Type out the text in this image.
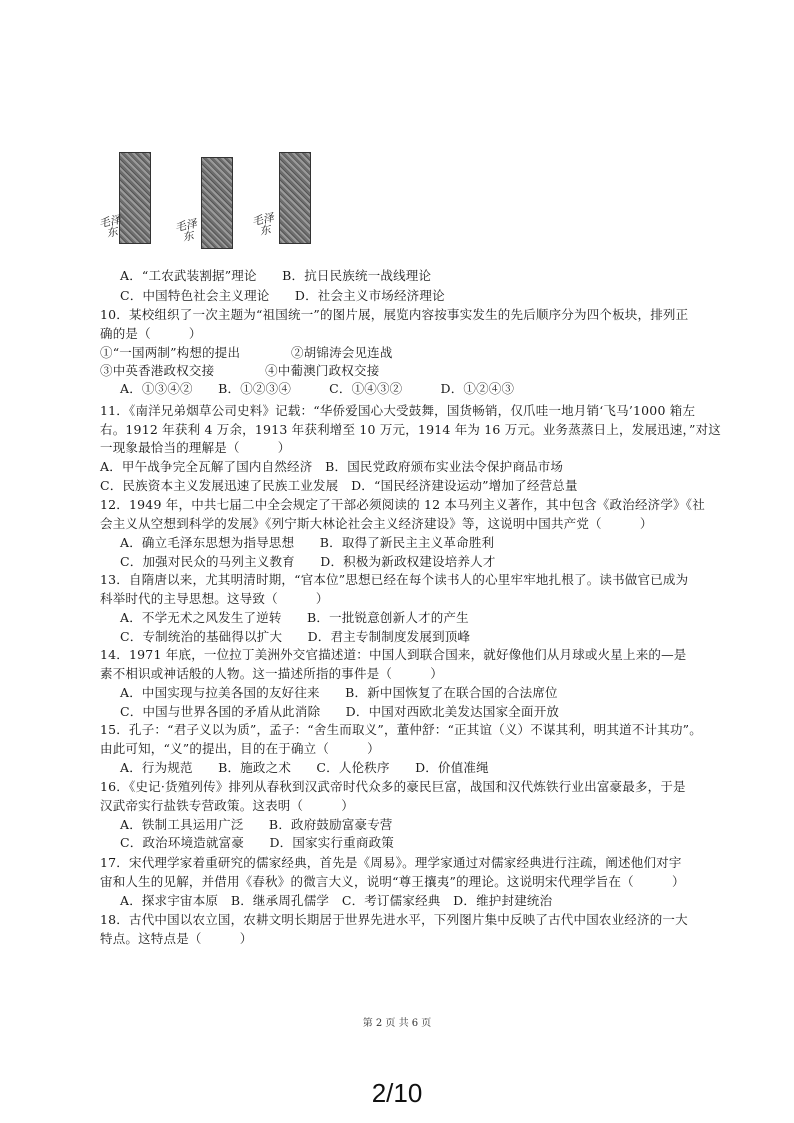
毛泽东	毛泽东
毛泽东
A．“工农武装割据”理论　　B．抗日民族统一战线理论
C．中国特色社会主义理论　　D．社会主义市场经济理论
10．某校组织了一次主题为“祖国统一”的图片展，展览内容按事实发生的先后顺序分为四个板块，排列正
确的是（　　　）
①“一国两制”构想的提出　　　　②胡锦涛会见连战
③中英香港政权交接　　　　④中葡澳门政权交接
A．①③④②　　B．①②③④　　　C．①④③②　　　D．①②④③
11．《南洋兄弟烟草公司史料》记载：“华侨爱国心大受鼓舞，国货畅销，仅爪哇一地月销‘飞马’1000 箱左
右。1912 年获利 4 万余，1913 年获利增至 10 万元，1914 年为 16 万元。业务蒸蒸日上，发展迅速，”对这
一现象最恰当的理解是（　　　）
A．甲午战争完全瓦解了国内自然经济　B．国民党政府颁布实业法令保护商品市场
C．民族资本主义发展迅速了民族工业发展　D．“国民经济建设运动”增加了经营总量
12．1949 年，中共七届二中全会规定了干部必须阅读的 12 本马列主义著作，其中包含《政治经济学》《社
会主义从空想到科学的发展》《列宁斯大林论社会主义经济建设》等，这说明中国共产党（　　　）
A．确立毛泽东思想为指导思想　　B．取得了新民主主义革命胜利
C．加强对民众的马列主义教育　　D．积极为新政权建设培养人才
13．自隋唐以来，尤其明清时期，“官本位”思想已经在每个读书人的心里牢牢地扎根了。读书做官已成为
科举时代的主导思想。这导致（　　　）
A．不学无术之风发生了逆转　　B．一批锐意创新人才的产生
C．专制统治的基础得以扩大　　D．君主专制制度发展到顶峰
14．1971 年底，一位拉丁美洲外交官描述道：中国人到联合国来，就好像他们从月球或火星上来的—是
素不相识或神话般的人物。这一描述所指的事件是（　　　）
A．中国实现与拉美各国的友好往来　　B．新中国恢复了在联合国的合法席位
C．中国与世界各国的矛盾从此消除　　D．中国对西欧北美发达国家全面开放
15．孔子：“君子义以为质”，孟子：“舍生而取义”，董仲舒：“正其谊（义）不谋其利，明其道不计其功”。
由此可知，“义”的提出，目的在于确立（　　　）
A．行为规范　　B．施政之术　　C．人伦秩序　　D．价值准绳
16．《史记·货殖列传》排列从春秋到汉武帝时代众多的豪民巨富，战国和汉代炼铁行业出富豪最多，于是
汉武帝实行盐铁专营政策。这表明（　　　）
A．铁制工具运用广泛　　B．政府鼓励富豪专营
C．政治环境造就富豪　　D．国家实行重商政策
17．宋代理学家着重研究的儒家经典，首先是《周易》。理学家通过对儒家经典进行注疏，阐述他们对宇
宙和人生的见解，并借用《春秋》的微言大义，说明“尊王攘夷”的理论。这说明宋代理学旨在（　　　）
A．探求宇宙本原　B．继承周孔儒学　C．考订儒家经典　D．维护封建统治
18．古代中国以农立国，农耕文明长期居于世界先进水平，下列图片集中反映了古代中国农业经济的一大
特点。这特点是（　　　）
第 2 页 共 6 页
2/10
